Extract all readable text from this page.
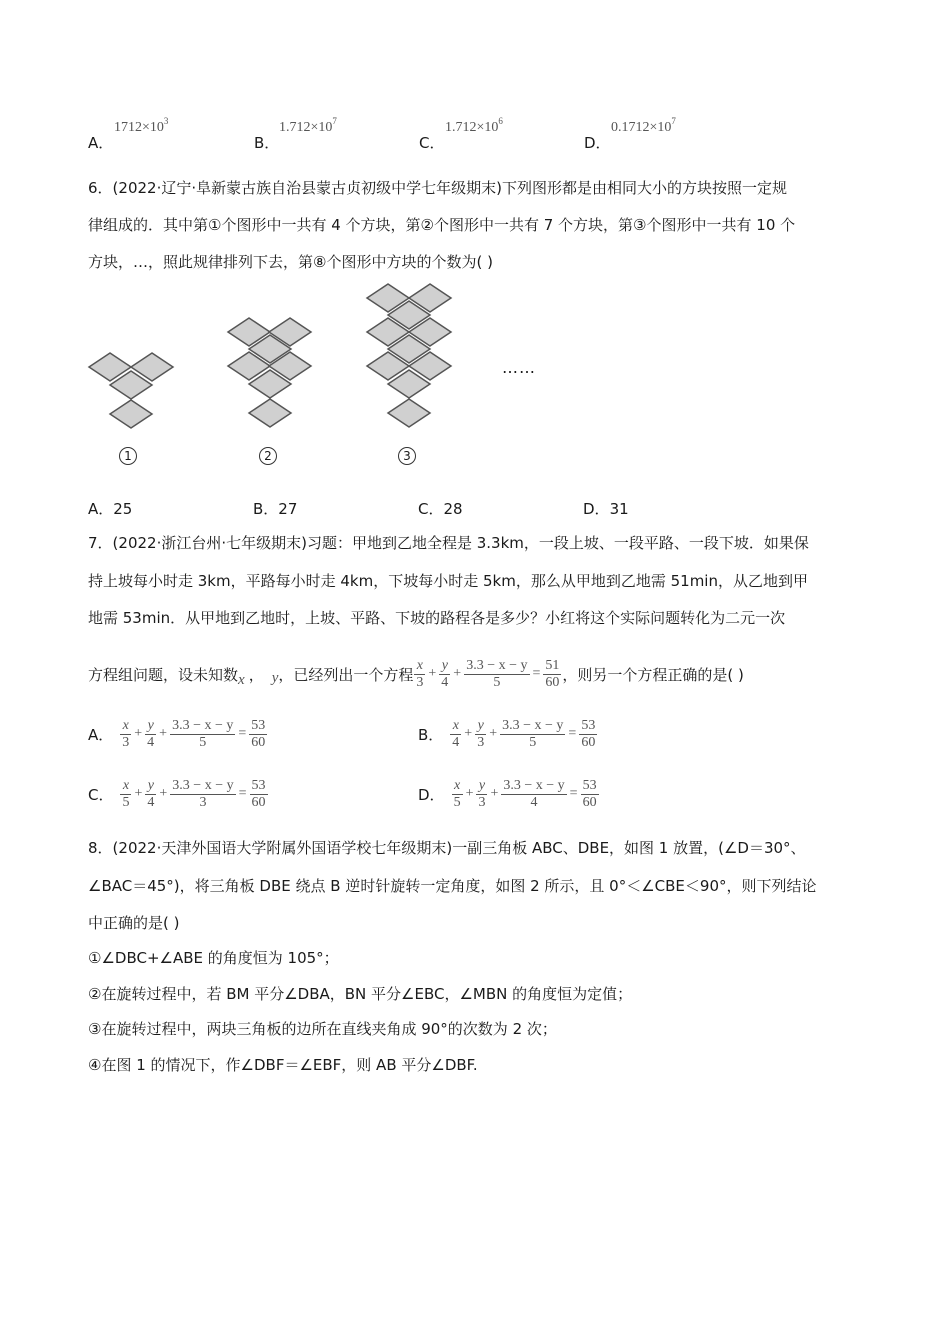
A．
$1712\times 10^3$
B．
$1.712\times 10^7$
C．
$1.712\times 10^6$
D．
$0.1712\times 10^7$
6．(2022·辽宁·阜新蒙古族自治县蒙古贞初级中学七年级期末)下列图形都是由相同大小的方块按照一定规
律组成的．其中第①个图形中一共有 4 个方块，第②个图形中一共有 7 个方块，第③个图形中一共有 10 个
方块，…，照此规律排列下去，第⑧个图形中方块的个数为( )
……
1	2	3
A．25	B．27	C．28	D．31
7．(2022·浙江台州·七年级期末)习题：甲地到乙地全程是 3.3km，一段上坡、一段平路、一段下坡．如果保
持上坡每小时走 3km，平路每小时走 4km，下坡每小时走 5km，那么从甲地到乙地需 51min，从乙地到甲
地需 53min．从甲地到乙地时，上坡、平路、下坡的路程各是多少？小红将这个实际问题转化为二元一次
方程组问题，设未知数 x ， y ，已经列出一个方程 $\frac{x}{3} + \frac{y}{4} + \frac{3.3 - x - y}{5} = \frac{51}{60}$ ，则另一个方程正确的是( )
A． $\frac{x}{3} + \frac{y}{4} + \frac{3.3 - x - y}{5} = \frac{53}{60}$	B． $\frac{x}{4} + \frac{y}{3} + \frac{3.3 - x - y}{5} = \frac{53}{60}$
C． $\frac{x}{5} + \frac{y}{4} + \frac{3.3 - x - y}{3} = \frac{53}{60}$	D． $\frac{x}{5} + \frac{y}{3} + \frac{3.3 - x - y}{4} = \frac{53}{60}$
8．(2022·天津外国语大学附属外国语学校七年级期末)一副三角板 ABC、DBE，如图 1 放置，(∠D＝30°、
∠BAC＝45°)，将三角板 DBE 绕点 B 逆时针旋转一定角度，如图 2 所示，且 0°＜∠CBE＜90°，则下列结论
中正确的是( )
①∠DBC+∠ABE 的角度恒为 105°；
②在旋转过程中，若 BM 平分∠DBA，BN 平分∠EBC，∠MBN 的角度恒为定值；
③在旋转过程中，两块三角板的边所在直线夹角成 90°的次数为 2 次；
④在图 1 的情况下，作∠DBF＝∠EBF，则 AB 平分∠DBF.
